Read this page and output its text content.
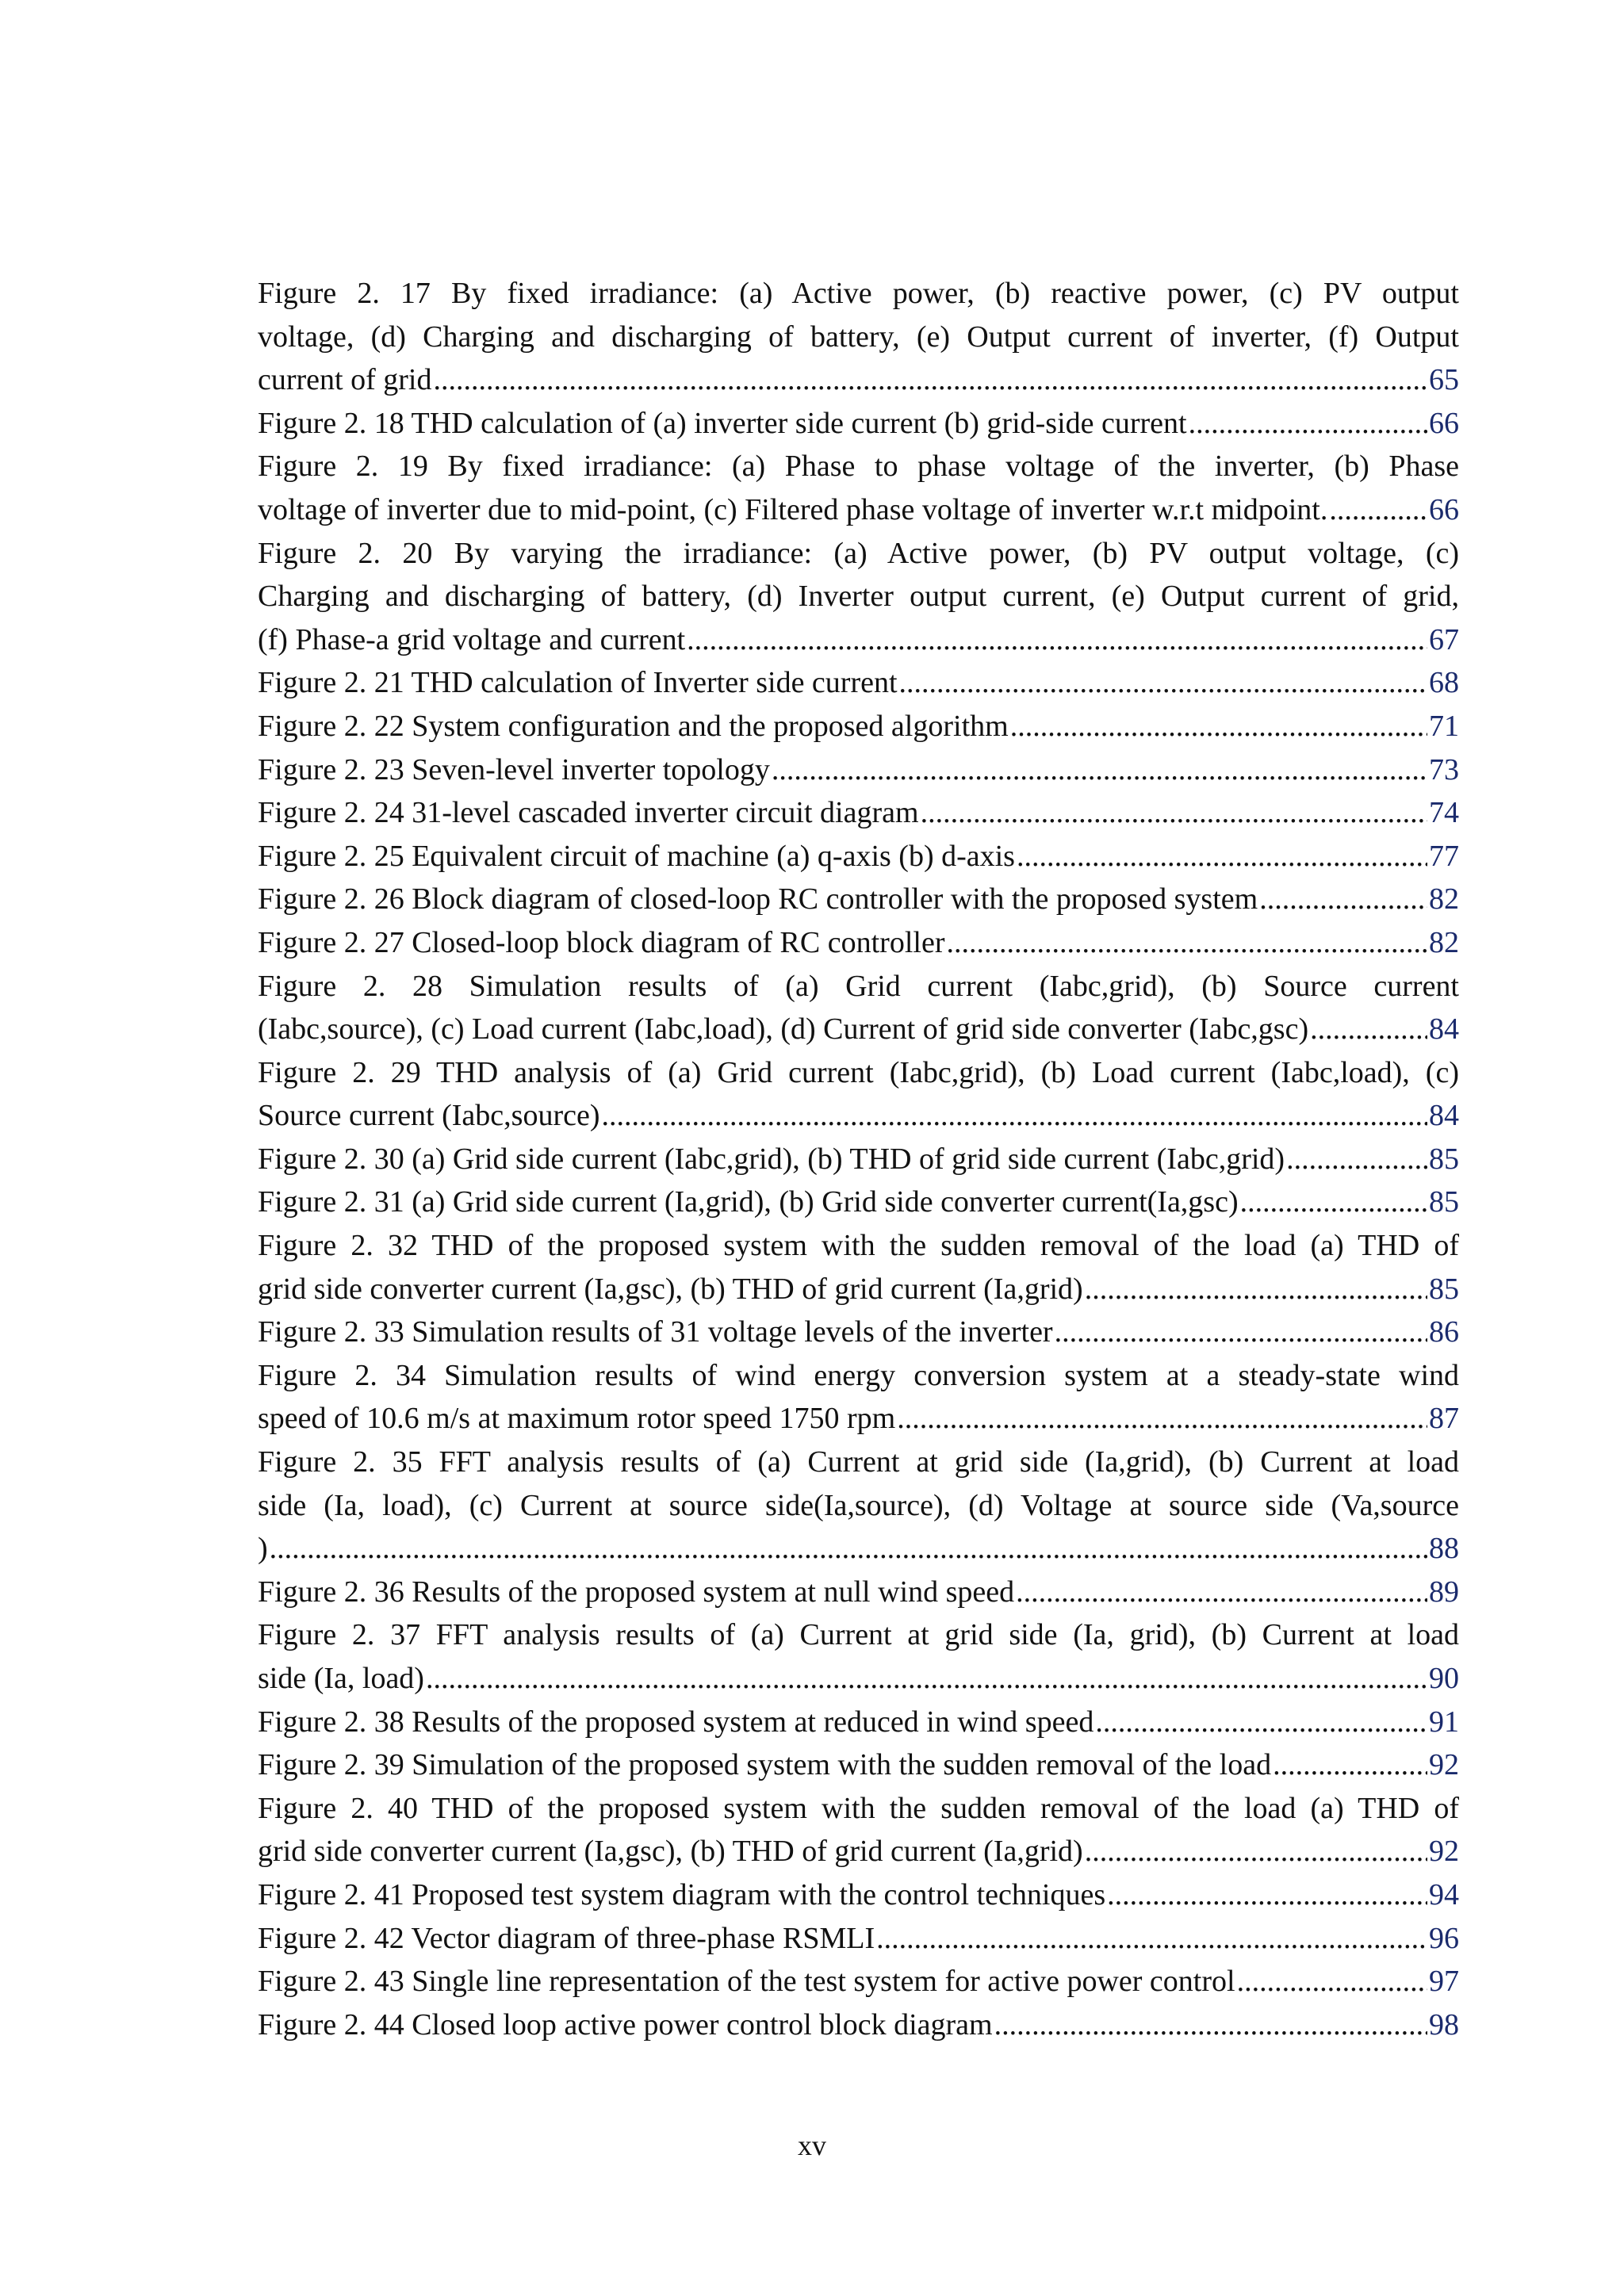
Figure 2. 17 By fixed irradiance: (a) Active power, (b) reactive power, (c) PV output
voltage, (d) Charging and discharging of battery, (e) Output current of inverter, (f) Output
current of grid .....	65
Figure 2. 18 THD calculation of (a) inverter side current (b) grid-side current .....	66
Figure 2. 19 By fixed irradiance: (a) Phase to phase voltage of the inverter, (b) Phase
voltage of inverter due to mid-point, (c) Filtered phase voltage of inverter w.r.t midpoint. .....	66
Figure 2. 20 By varying the irradiance: (a) Active power, (b) PV output voltage, (c)
Charging and discharging of battery, (d) Inverter output current, (e) Output current of grid,
(f) Phase-a grid voltage and current .....	67
Figure 2. 21 THD calculation of Inverter side current .....	68
Figure 2. 22 System configuration and the proposed algorithm .....	71
Figure 2. 23 Seven-level inverter topology .....	73
Figure 2. 24 31-level cascaded inverter circuit diagram .....	74
Figure 2. 25 Equivalent circuit of machine (a) q-axis (b) d-axis .....	77
Figure 2. 26 Block diagram of closed-loop RC controller with the proposed system .....	82
Figure 2. 27 Closed-loop block diagram of RC controller .....	82
Figure 2. 28 Simulation results of (a) Grid current (Iabc,grid), (b) Source current
(Iabc,source), (c) Load current (Iabc,load), (d) Current of grid side converter (Iabc,gsc) .....	84
Figure 2. 29 THD analysis of (a) Grid current (Iabc,grid), (b) Load current (Iabc,load), (c)
Source current (Iabc,source) .....	84
Figure 2. 30 (a) Grid side current (Iabc,grid), (b) THD of grid side current (Iabc,grid) .....	85
Figure 2. 31 (a) Grid side current (Ia,grid), (b) Grid side converter current(Ia,gsc) .....	85
Figure 2. 32 THD of the proposed system with the sudden removal of the load (a) THD of
grid side converter current (Ia,gsc), (b) THD of grid current (Ia,grid) .....	85
Figure 2. 33 Simulation results of 31 voltage levels of the inverter .....	86
Figure 2. 34 Simulation results of wind energy conversion system at a steady-state wind
speed of 10.6 m/s at maximum rotor speed 1750 rpm .....	87
Figure 2. 35 FFT analysis results of (a) Current at grid side (Ia,grid), (b) Current at load
side (Ia, load), (c) Current at source side(Ia,source), (d) Voltage at source side (Va,source
) .....	88
Figure 2. 36 Results of the proposed system at null wind speed .....	89
Figure 2. 37 FFT analysis results of (a) Current at grid side (Ia, grid), (b) Current at load
side (Ia, load) .....	90
Figure 2. 38 Results of the proposed system at reduced in wind speed .....	91
Figure 2. 39 Simulation of the proposed system with the sudden removal of the load .....	92
Figure 2. 40 THD of the proposed system with the sudden removal of the load (a) THD of
grid side converter current (Ia,gsc), (b) THD of grid current (Ia,grid) .....	92
Figure 2. 41 Proposed test system diagram with the control techniques .....	94
Figure 2. 42 Vector diagram of three-phase RSMLI .....	96
Figure 2. 43 Single line representation of the test system for active power control .....	97
Figure 2. 44 Closed loop active power control block diagram .....	98
xv
